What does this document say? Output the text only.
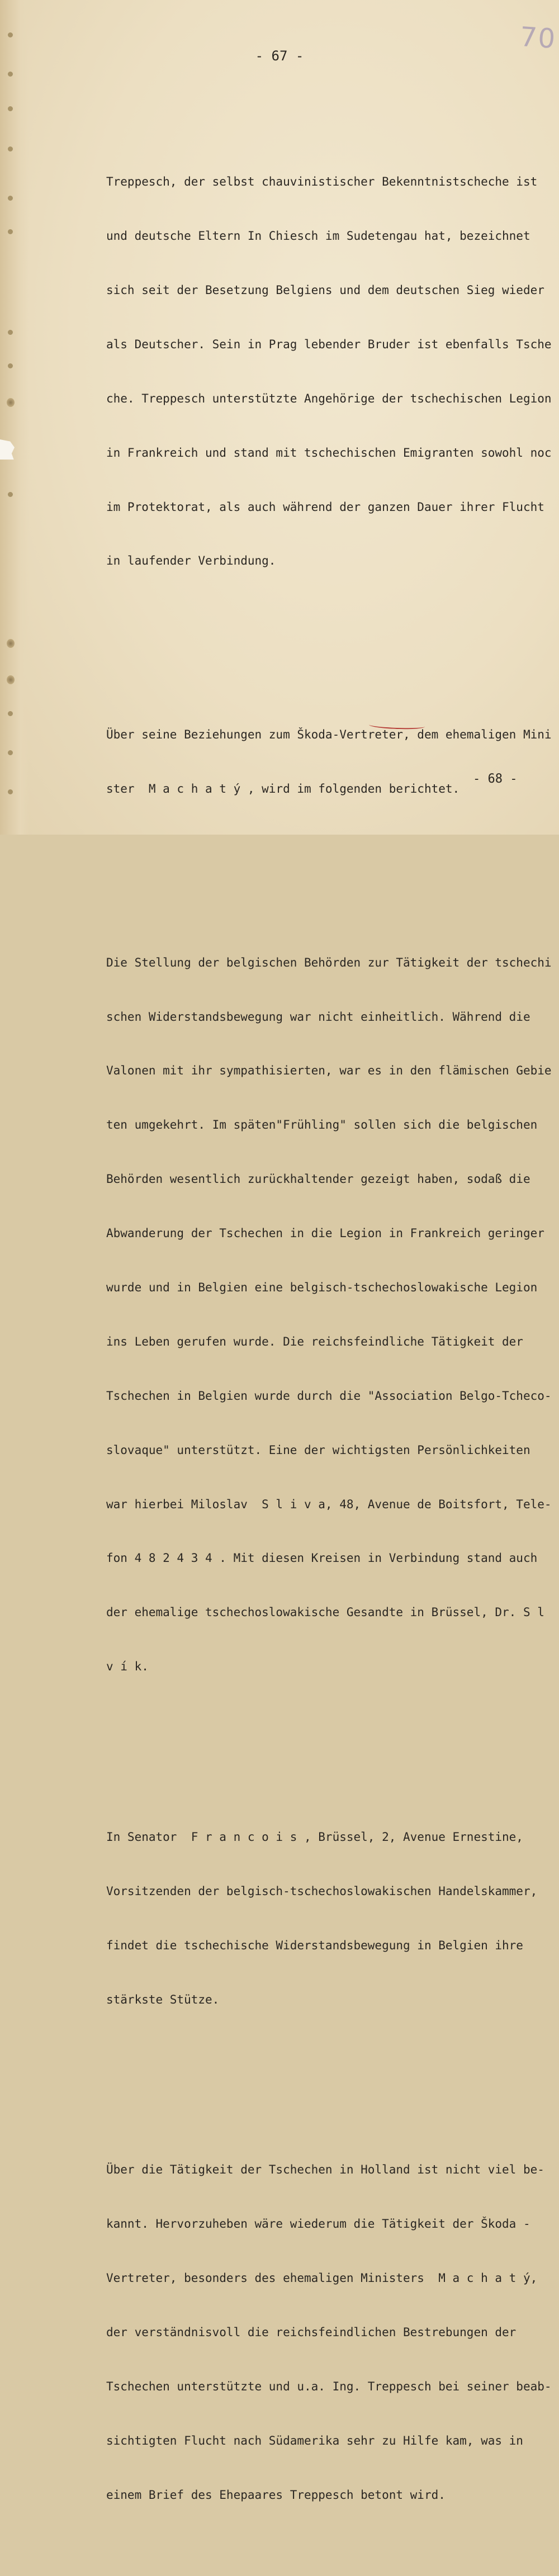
70
- 67 -

Treppesch, der selbst chauvinistischer Bekenntnistscheche ist

und deutsche Eltern In Chiesch im Sudetengau hat, bezeichnet

sich seit der Besetzung Belgiens und dem deutschen Sieg wieder

als Deutscher. Sein in Prag lebender Bruder ist ebenfalls Tsche

che. Treppesch unterstützte Angehörige der tschechischen Legion

in Frankreich und stand mit tschechischen Emigranten sowohl noc

im Protektorat, als auch während der ganzen Dauer ihrer Flucht

in laufender Verbindung.

Über seine Beziehungen zum Škoda-Vertreter, dem ehemaligen Mini

ster  M a c h a t ý , wird im folgenden berichtet.

Die Stellung der belgischen Behörden zur Tätigkeit der tschechi

schen Widerstandsbewegung war nicht einheitlich. Während die

Valonen mit ihr sympathisierten, war es in den flämischen Gebie

ten umgekehrt. Im späten"Frühling" sollen sich die belgischen

Behörden wesentlich zurückhaltender gezeigt haben, sodaß die

Abwanderung der Tschechen in die Legion in Frankreich geringer

wurde und in Belgien eine belgisch-tschechoslowakische Legion

ins Leben gerufen wurde. Die reichsfeindliche Tätigkeit der

Tschechen in Belgien wurde durch die "Association Belgo-Tcheco-

slovaque" unterstützt. Eine der wichtigsten Persönlichkeiten

war hierbei Miloslav  S l i v a, 48, Avenue de Boitsfort, Tele-

fon 4 8 2 4 3 4 . Mit diesen Kreisen in Verbindung stand auch

der ehemalige tschechoslowakische Gesandte in Brüssel, Dr. S l

v í k.

In Senator  F r a n c o i s , Brüssel, 2, Avenue Ernestine,

Vorsitzenden der belgisch-tschechoslowakischen Handelskammer,

findet die tschechische Widerstandsbewegung in Belgien ihre

stärkste Stütze.

Über die Tätigkeit der Tschechen in Holland ist nicht viel be-

kannt. Hervorzuheben wäre wiederum die Tätigkeit der Škoda -

Vertreter, besonders des ehemaligen Ministers  M a c h a t ý,

der verständnisvoll die reichsfeindlichen Bestrebungen der

Tschechen unterstützte und u.a. Ing. Treppesch bei seiner beab-

sichtigten Flucht nach Südamerika sehr zu Hilfe kam, was in

einem Brief des Ehepaares Treppesch betont wird.

- 68 -
